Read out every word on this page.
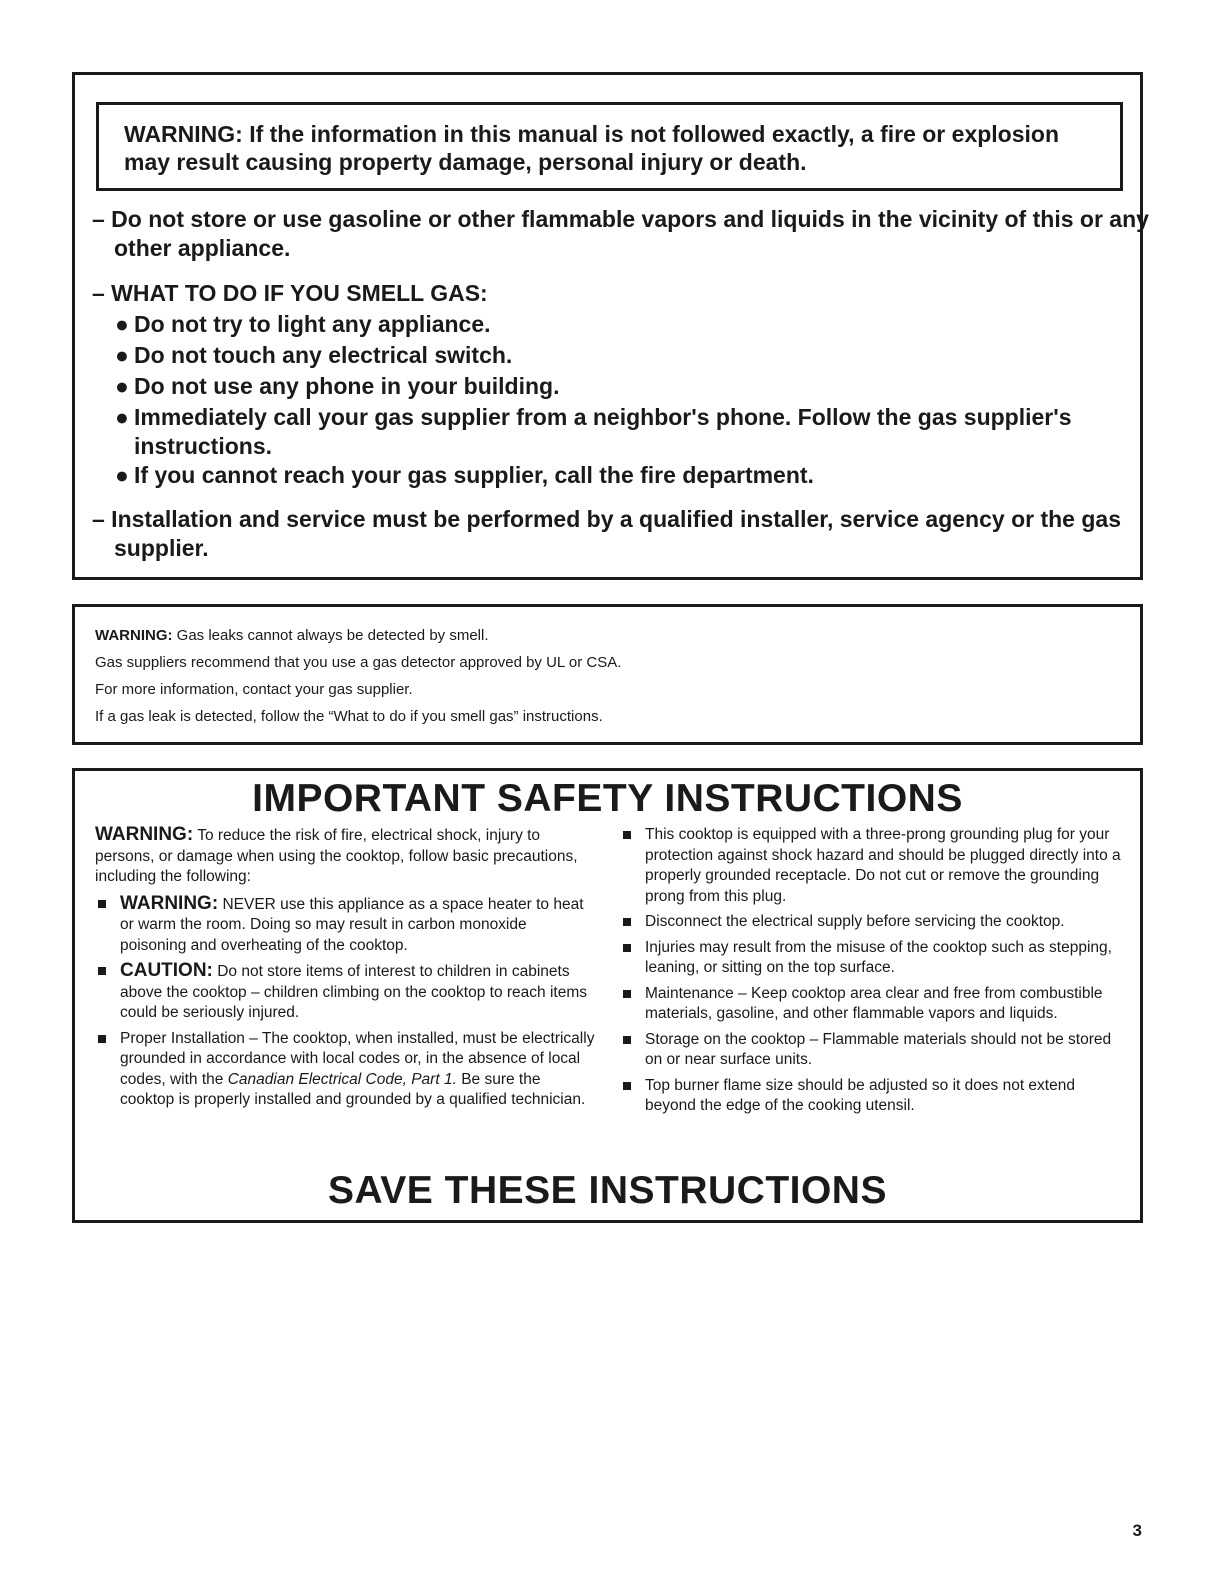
WARNING: If the information in this manual is not followed exactly, a fire or explosion may result causing property damage, personal injury or death.

– Do not store or use gasoline or other flammable vapors and liquids in the vicinity of this or any other appliance.
– WHAT TO DO IF YOU SMELL GAS:
● Do not try to light any appliance.
● Do not touch any electrical switch.
● Do not use any phone in your building.
● Immediately call your gas supplier from a neighbor's phone. Follow the gas supplier's instructions.
● If you cannot reach your gas supplier, call the fire department.
– Installation and service must be performed by a qualified installer, service agency or the gas supplier.
WARNING: Gas leaks cannot always be detected by smell.
Gas suppliers recommend that you use a gas detector approved by UL or CSA.
For more information, contact your gas supplier.
If a gas leak is detected, follow the “What to do if you smell gas” instructions.
IMPORTANT SAFETY INSTRUCTIONS

WARNING: To reduce the risk of fire, electrical shock, injury to persons, or damage when using the cooktop, follow basic precautions, including the following:

WARNING: NEVER use this appliance as a space heater to heat or warm the room. Doing so may result in carbon monoxide poisoning and overheating of the cooktop.
CAUTION: Do not store items of interest to children in cabinets above the cooktop – children climbing on the cooktop to reach items could be seriously injured.
Proper Installation – The cooktop, when installed, must be electrically grounded in accordance with local codes or, in the absence of local codes, with the Canadian Electrical Code, Part 1. Be sure the cooktop is properly installed and grounded by a qualified technician.
This cooktop is equipped with a three-prong grounding plug for your protection against shock hazard and should be plugged directly into a properly grounded receptacle. Do not cut or remove the grounding prong from this plug.
Disconnect the electrical supply before servicing the cooktop.
Injuries may result from the misuse of the cooktop such as stepping, leaning, or sitting on the top surface.
Maintenance – Keep cooktop area clear and free from combustible materials, gasoline, and other flammable vapors and liquids.
Storage on the cooktop – Flammable materials should not be stored on or near surface units.
Top burner flame size should be adjusted so it does not extend beyond the edge of the cooking utensil.
SAVE THESE INSTRUCTIONS
3
